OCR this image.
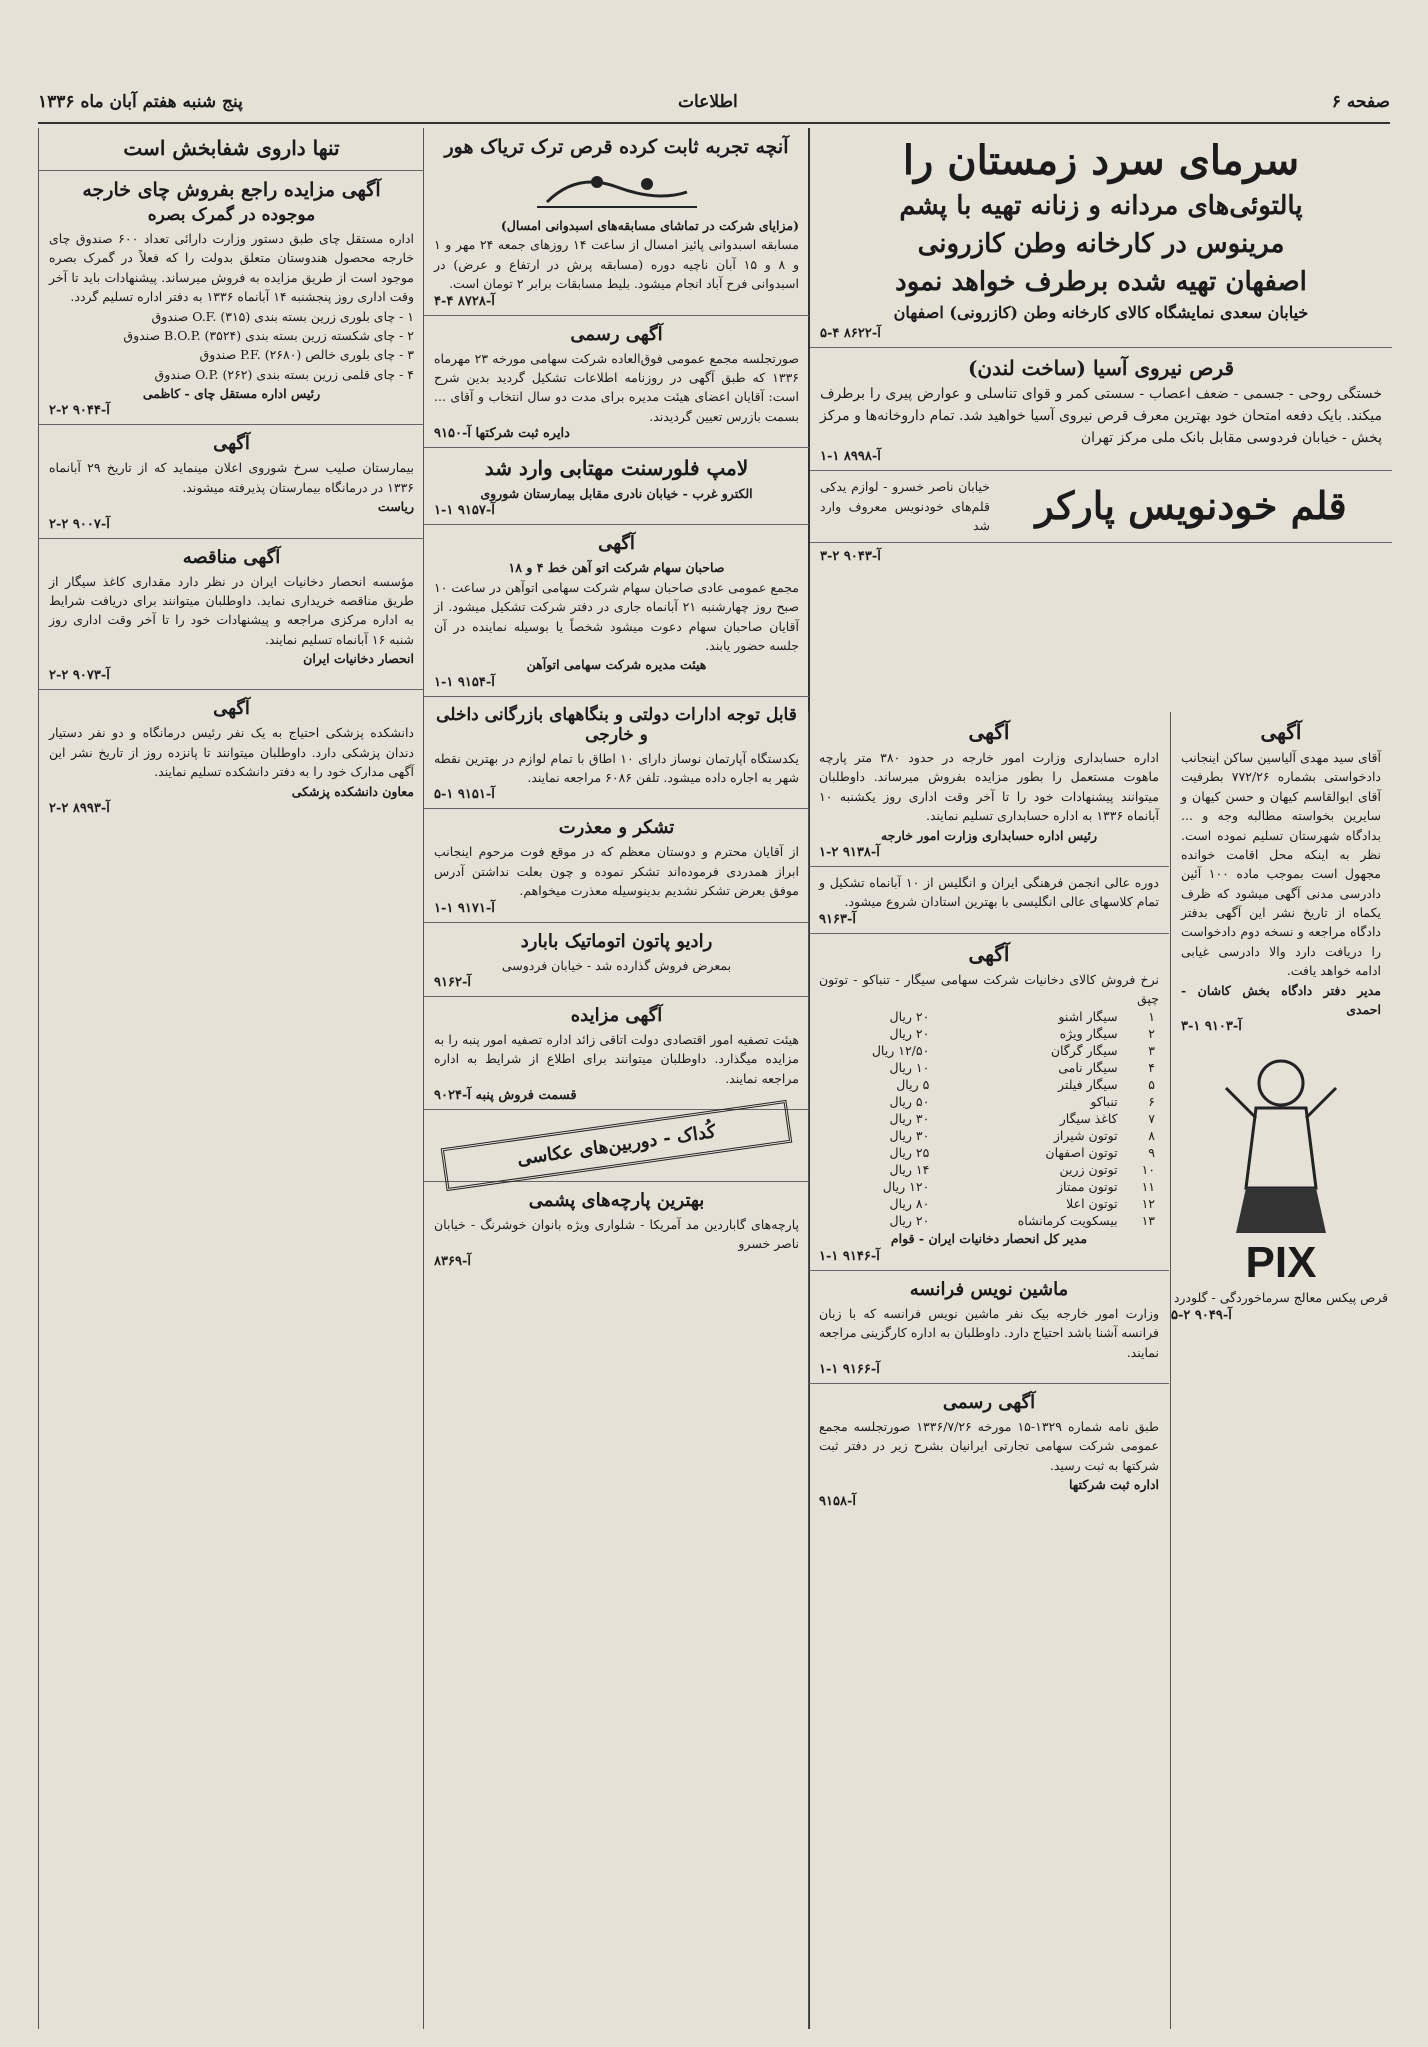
پنج شنبه هفتم آبان ماه ۱۳۳۶	اطلاعات	صفحه ۶
سرمای سرد زمستان را
پالتوئی‌های مردانه و زنانه تهیه با پشم
مرینوس در کارخانه وطن کازرونی
اصفهان تهیه شده برطرف خواهد نمود
خیابان سعدی نمایشگاه کالای کارخانه وطن (کازرونی) اصفهان
آ-۸۶۲۲ ۴-۵
قرص نیروی آسیا (ساخت لندن)
خستگی روحی - جسمی - ضعف اعصاب - سستی کمر و قوای تناسلی و عوارض پیری را برطرف میکند. بایک دفعه امتحان خود بهترین معرف قرص نیروی آسیا خواهید شد. تمام داروخانه‌ها و مرکز پخش - خیابان فردوسی مقابل بانک ملی مرکز تهران
آ-۸۹۹۸ ۱-۱
قلم خودنویس پارکر
خیابان ناصر خسرو - لوازم یدکی قلم‌های خودنویس معروف وارد شد
آ-۹۰۴۳ ۲-۳
آگهی
آقای سید مهدی آلیاسین ساکن اینجانب دادخواستی بشماره ۷۷۲/۲۶ بطرفیت آقای ابوالقاسم کیهان و حسن کیهان و سایرین بخواسته مطالبه وجه و ... بدادگاه شهرستان تسلیم نموده است. نظر به اینکه محل اقامت خوانده مجهول است بموجب ماده ۱۰۰ آئین دادرسی مدنی آگهی میشود که ظرف یکماه از تاریخ نشر این آگهی بدفتر دادگاه مراجعه و نسخه دوم دادخواست را دریافت دارد والا دادرسی غیابی ادامه خواهد یافت.
مدیر دفتر دادگاه بخش کاشان - احمدی
آ-۹۱۰۳ ۱-۳
PIX
قرص پیکس معالج سرماخوردگی - گلودرد
آ-۹۰۴۹ ۲-۵
آگهی
اداره حسابداری وزارت امور خارجه در حدود ۳۸۰ متر پارچه ماهوت مستعمل را بطور مزایده بفروش میرساند. داوطلبان میتوانند پیشنهادات خود را تا آخر وقت اداری روز یکشنبه ۱۰ آبانماه ۱۳۳۶ به اداره حسابداری تسلیم نمایند.
رئیس اداره حسابداری وزارت امور خارجه
آ-۹۱۳۸ ۲-۱
دوره عالی انجمن فرهنگی ایران و انگلیس از ۱۰ آبانماه تشکیل و تمام کلاسهای عالی انگلیسی با بهترین استادان شروع میشود.
آ-۹۱۶۳
آگهی
نرخ فروش کالای دخانیات شرکت سهامی سیگار - تنباکو - توتون چپق
۱	سیگار اشنو	۲۰ ریال
۲	سیگار ویژه	۲۰ ریال
۳	سیگار گرگان	۱۲/۵۰ ریال
۴	سیگار نامی	۱۰ ریال
۵	سیگار فیلتر	۵ ریال
۶	تنباکو	۵۰ ریال
۷	کاغذ سیگار	۳۰ ریال
۸	توتون شیراز	۳۰ ریال
۹	توتون اصفهان	۲۵ ریال
۱۰	توتون زرین	۱۴ ریال
۱۱	توتون ممتاز	۱۲۰ ریال
۱۲	توتون اعلا	۸۰ ریال
۱۳	بیسکویت کرمانشاه	۲۰ ریال
مدیر کل انحصار دخانیات ایران - قوام
آ-۹۱۴۶ ۱-۱
ماشین نویس فرانسه
وزارت امور خارجه بیک نفر ماشین نویس فرانسه که با زبان فرانسه آشنا باشد احتیاج دارد. داوطلبان به اداره کارگزینی مراجعه نمایند.
آ-۹۱۶۶ ۱-۱
آگهی رسمی
طبق نامه شماره ۱۳۲۹-۱۵ مورخه ۱۳۳۶/۷/۲۶ صورتجلسه مجمع عمومی شرکت سهامی تجارتی ایرانیان بشرح زیر در دفتر ثبت شرکتها به ثبت رسید.
اداره ثبت شرکتها
آ-۹۱۵۸
آنچه تجربه ثابت کرده قرص ترک تریاک هور
(مزایای شرکت در تماشای مسابقه‌های اسبدوانی امسال)
مسابقه اسبدوانی پائیز امسال از ساعت ۱۴ روزهای جمعه ۲۴ مهر و ۱ و ۸ و ۱۵ آبان ناچیه دوره (مسابقه پرش در ارتفاع و عرض) در اسبدوانی فرح آباد انجام میشود. بلیط مسابقات برابر ۲ تومان است.
آ-۸۷۲۸ ۴-۴
آگهی رسمی
صورتجلسه مجمع عمومی فوق‌العاده شرکت سهامی مورخه ۲۳ مهرماه ۱۳۳۶ که طبق آگهی در روزنامه اطلاعات تشکیل گردید بدین شرح است: آقایان اعضای هیئت مدیره برای مدت دو سال انتخاب و آقای ... بسمت بازرس تعیین گردیدند.
دایره ثبت شرکتها آ-۹۱۵۰
لامپ فلورسنت مهتابی وارد شد
الکترو غرب - خیابان نادری مقابل بیمارستان شوروی
آ-۹۱۵۷ ۱-۱
آگهی
صاحبان سهام شرکت اتو آهن خط ۴ و ۱۸
مجمع عمومی عادی صاحبان سهام شرکت سهامی اتوآهن در ساعت ۱۰ صبح روز چهارشنبه ۲۱ آبانماه جاری در دفتر شرکت تشکیل میشود. از آقایان صاحبان سهام دعوت میشود شخصاً یا بوسیله نماینده در آن جلسه حضور یابند.
هیئت مدیره شرکت سهامی اتوآهن
آ-۹۱۵۴ ۱-۱
قابل توجه ادارات دولتی و بنگاههای بازرگانی داخلی و خارجی
یکدستگاه آپارتمان نوساز دارای ۱۰ اطاق با تمام لوازم در بهترین نقطه شهر به اجاره داده میشود. تلفن ۶۰۸۶ مراجعه نمایند.
آ-۹۱۵۱ ۱-۵
تشکر و معذرت
از آقایان محترم و دوستان معظم که در موقع فوت مرحوم اینجانب ابراز همدردی فرموده‌اند تشکر نموده و چون بعلت نداشتن آدرس موفق بعرض تشکر نشدیم بدینوسیله معذرت میخواهم.
آ-۹۱۷۱ ۱-۱
رادیو پاتون اتوماتیک بابارد
بمعرض فروش گذارده شد - خیابان فردوسی
آ-۹۱۶۲
آگهی مزایده
هیئت تصفیه امور اقتصادی دولت اتاقی زائد اداره تصفیه امور پنبه را به مزایده میگذارد. داوطلبان میتوانند برای اطلاع از شرایط به اداره مراجعه نمایند.
قسمت فروش پنبه آ-۹۰۲۴
کُداک - دوربین‌های عکاسی
بهترین پارچه‌های پشمی
پارچه‌های گاباردین مد آمریکا - شلواری ویژه بانوان خوشرنگ - خیابان ناصر خسرو
آ-۸۳۶۹
تنها داروی شفابخش است
آگهی مزایده راجع بفروش چای خارجه
موجوده در گمرک بصره
اداره مستقل چای طبق دستور وزارت دارائی تعداد ۶۰۰ صندوق چای خارجه محصول هندوستان متعلق بدولت را که فعلاً در گمرک بصره موجود است از طریق مزایده به فروش میرساند. پیشنهادات باید تا آخر وقت اداری روز پنجشنبه ۱۴ آبانماه ۱۳۳۶ به دفتر اداره تسلیم گردد.
۱ - چای بلوری زرین بسته بندی O.F. (۳۱۵) صندوق
۲ - چای شکسته زرین بسته بندی B.O.P. (۳۵۲۴) صندوق
۳ - چای بلوری خالص P.F. (۲۶۸۰) صندوق
۴ - چای قلمی زرین بسته بندی O.P. (۲۶۲) صندوق
رئیس اداره مستقل چای - کاظمی
آ-۹۰۴۴ ۲-۲
آگهی
بیمارستان صلیب سرخ شوروی اعلان مینماید که از تاریخ ۲۹ آبانماه ۱۳۳۶ در درمانگاه بیمارستان پذیرفته میشوند.
ریاست
آ-۹۰۰۷ ۲-۲
آگهی مناقصه
مؤسسه انحصار دخانیات ایران در نظر دارد مقداری کاغذ سیگار از طریق مناقصه خریداری نماید. داوطلبان میتوانند برای دریافت شرایط به اداره مرکزی مراجعه و پیشنهادات خود را تا آخر وقت اداری روز شنبه ۱۶ آبانماه تسلیم نمایند.
انحصار دخانیات ایران
آ-۹۰۷۳ ۲-۲
آگهی
دانشکده پزشکی احتیاج به یک نفر رئیس درمانگاه و دو نفر دستیار دندان پزشکی دارد. داوطلبان میتوانند تا پانزده روز از تاریخ نشر این آگهی مدارک خود را به دفتر دانشکده تسلیم نمایند.
معاون دانشکده پزشکی
آ-۸۹۹۳ ۲-۲
